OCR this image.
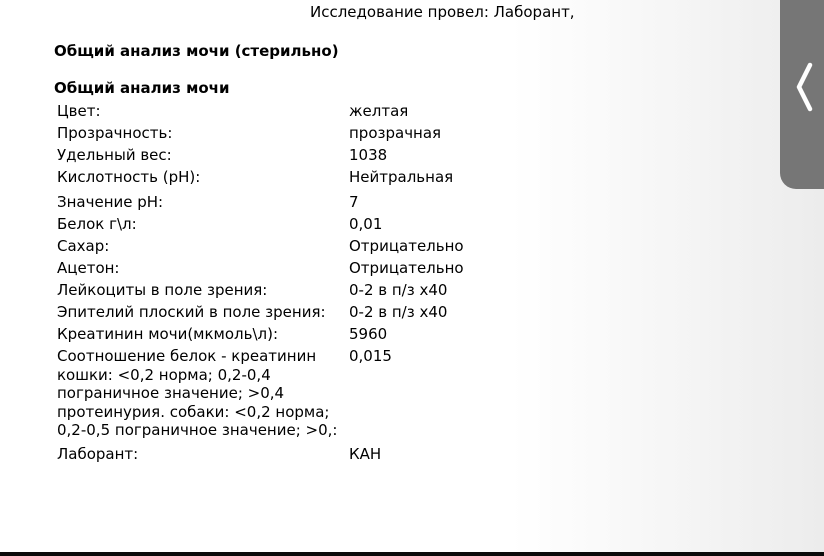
Исследование провел: Лаборант,
Общий анализ мочи (стерильно)
Общий анализ мочи
Цвет:	желтая
Прозрачность:	прозрачная
Удельный вес:	1038
Кислотность (pH):	Нейтральная
Значение pH:	7
Белок г\л:	0,01
Сахар:	Отрицательно
Ацетон:	Отрицательно
Лейкоциты в поле зрения:	0-2 в п/з х40
Эпителий плоский в поле зрения:	0-2 в п/з х40
Креатинин мочи(мкмоль\л):	5960

Соотношение белок - креатинин
кошки: <0,2 норма; 0,2-0,4
пограничное значение; >0,4
протеинурия. собаки: <0,2 норма;
0,2-0,5 пограничное значение; >0,:	0,015
Лаборант:	КАН
